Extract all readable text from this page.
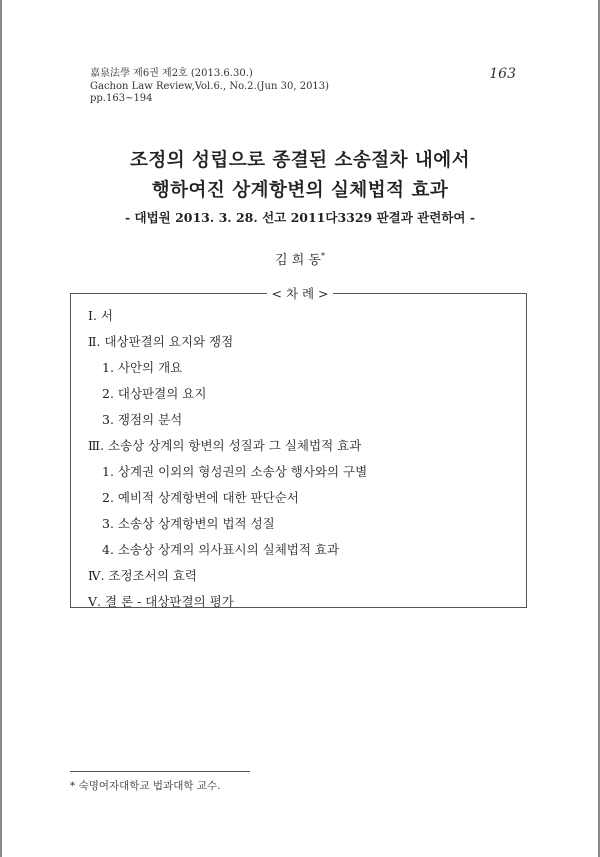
嘉泉法學 제6권 제2호 (2013.6.30.)
Gachon Law Review,Vol.6., No.2.(Jun 30, 2013)
pp.163~194
163
조정의 성립으로 종결된 소송절차 내에서
행하여진 상계항변의 실체법적 효과
- 대법원 2013. 3. 28. 선고 2011다3329 판결과 관련하여 -
김 희 동*
< 차 례 >
Ⅰ. 서
Ⅱ. 대상판결의 요지와 쟁점
1. 사안의 개요
2. 대상판결의 요지
3. 쟁점의 분석
Ⅲ. 소송상 상계의 항변의 성질과 그 실체법적 효과
1. 상계권 이외의 형성권의 소송상 행사와의 구별
2. 예비적 상계항변에 대한 판단순서
3. 소송상 상계항변의 법적 성질
4. 소송상 상계의 의사표시의 실체법적 효과
Ⅳ. 조정조서의 효력
Ⅴ. 결 론 - 대상판결의 평가
* 숙명여자대학교 법과대학 교수.
